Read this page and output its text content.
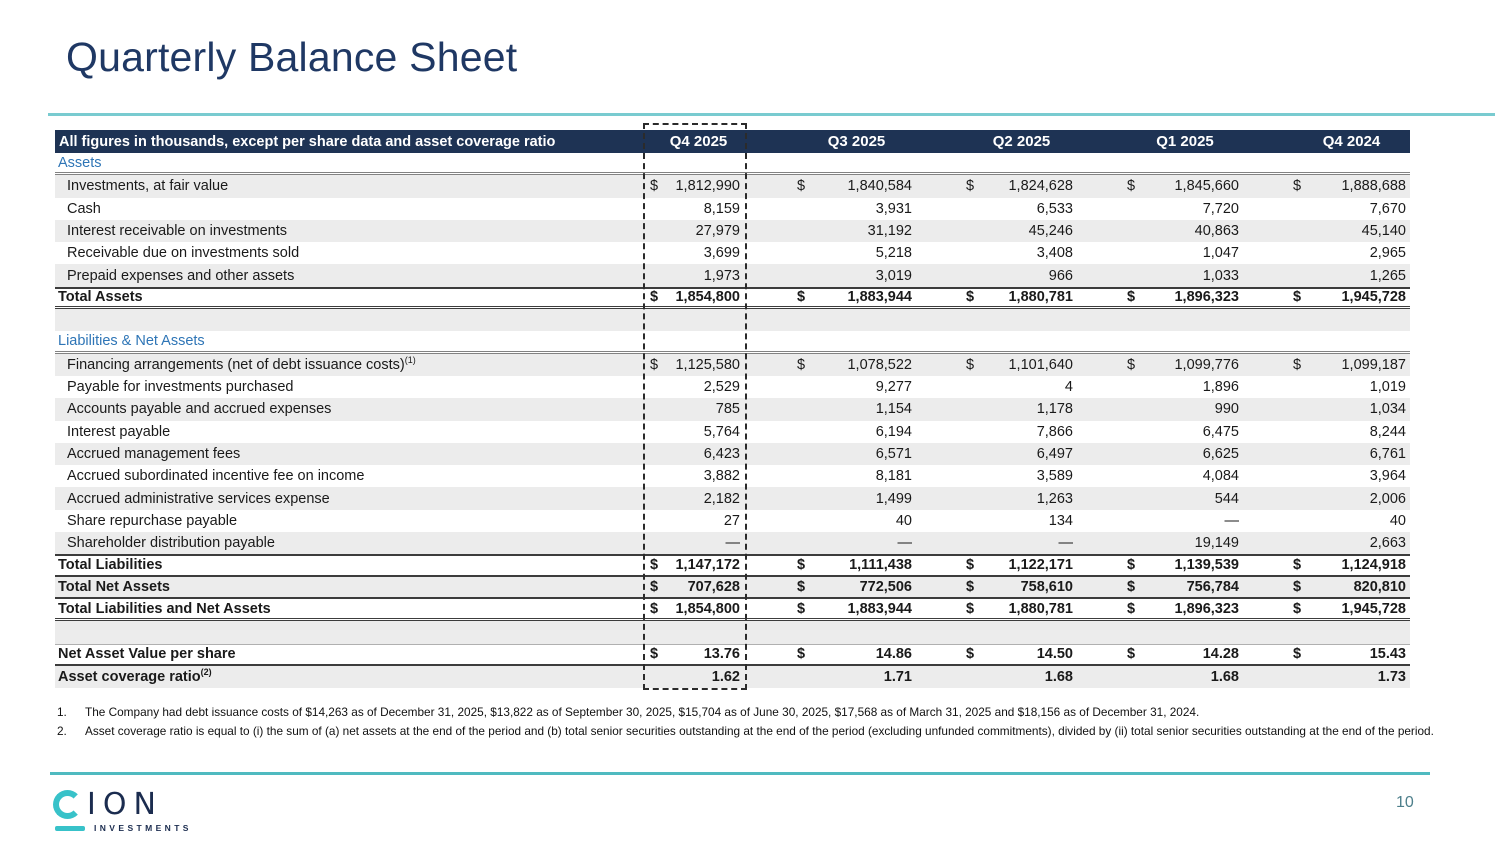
Quarterly Balance Sheet
All figures in thousands, except per share data and asset coverage ratio	Q4 2025	Q3 2025	Q2 2025	Q1 2025	Q4 2024
Assets
Investments, at fair value	$ 1,812,990	$	1,840,584	$ 1,824,628	$	1,845,660	$	1,888,688
Cash	8,159	3,931	6,533	7,720	7,670
Interest receivable on investments	27,979	31,192	45,246	40,863	45,140
Receivable due on investments sold	3,699	5,218	3,408	1,047	2,965
Prepaid expenses and other assets	1,973	3,019	966	1,033	1,265
Total Assets	$ 1,854,800	$	1,883,944	$ 1,880,781	$	1,896,323	$	1,945,728
Liabilities & Net Assets
Financing arrangements (net of debt issuance costs)$^{(1)}$	$ 1,125,580	$	1,078,522	$ 1,101,640	$	1,099,776	$	1,099,187
Payable for investments purchased	2,529	9,277	4	1,896	1,019
Accounts payable and accrued expenses	785	1,154	1,178	990	1,034
Interest payable	5,764	6,194	7,866	6,475	8,244
Accrued management fees	6,423	6,571	6,497	6,625	6,761
Accrued subordinated incentive fee on income	3,882	8,181	3,589	4,084	3,964
Accrued administrative services expense	2,182	1,499	1,263	544	2,006
Share repurchase payable	27	40	134	—	40
Shareholder distribution payable	—	—	—	19,149	2,663
Total Liabilities	$ 1,147,172	$	1,111,438	$ 1,122,171	$	1,139,539	$	1,124,918
Total Net Assets	$ 707,628	$	772,506	$	758,610	$	756,784	$	820,810
Total Liabilities and Net Assets	$ 1,854,800	$	1,883,944	$ 1,880,781	$	1,896,323	$	1,945,728
Net Asset Value per share	$	13.76	$	14.86	$	14.50	$	14.28	$	15.43
Asset coverage ratio$^{(2)}$	1.62	1.71	1.68	1.68	1.73
1.	The Company had debt issuance costs of $14,263 as of December 31, 2025, $13,822 as of September 30, 2025, $15,704 as of June 30, 2025, $17,568 as of March 31, 2025 and $18,156 as of December 31, 2024.
2.	Asset coverage ratio is equal to (i) the sum of (a) net assets at the end of the period and (b) total senior securities outstanding at the end of the period (excluding unfunded commitments), divided by (ii) total senior securities outstanding at the end of the period.
ION
INVESTMENTS
10
